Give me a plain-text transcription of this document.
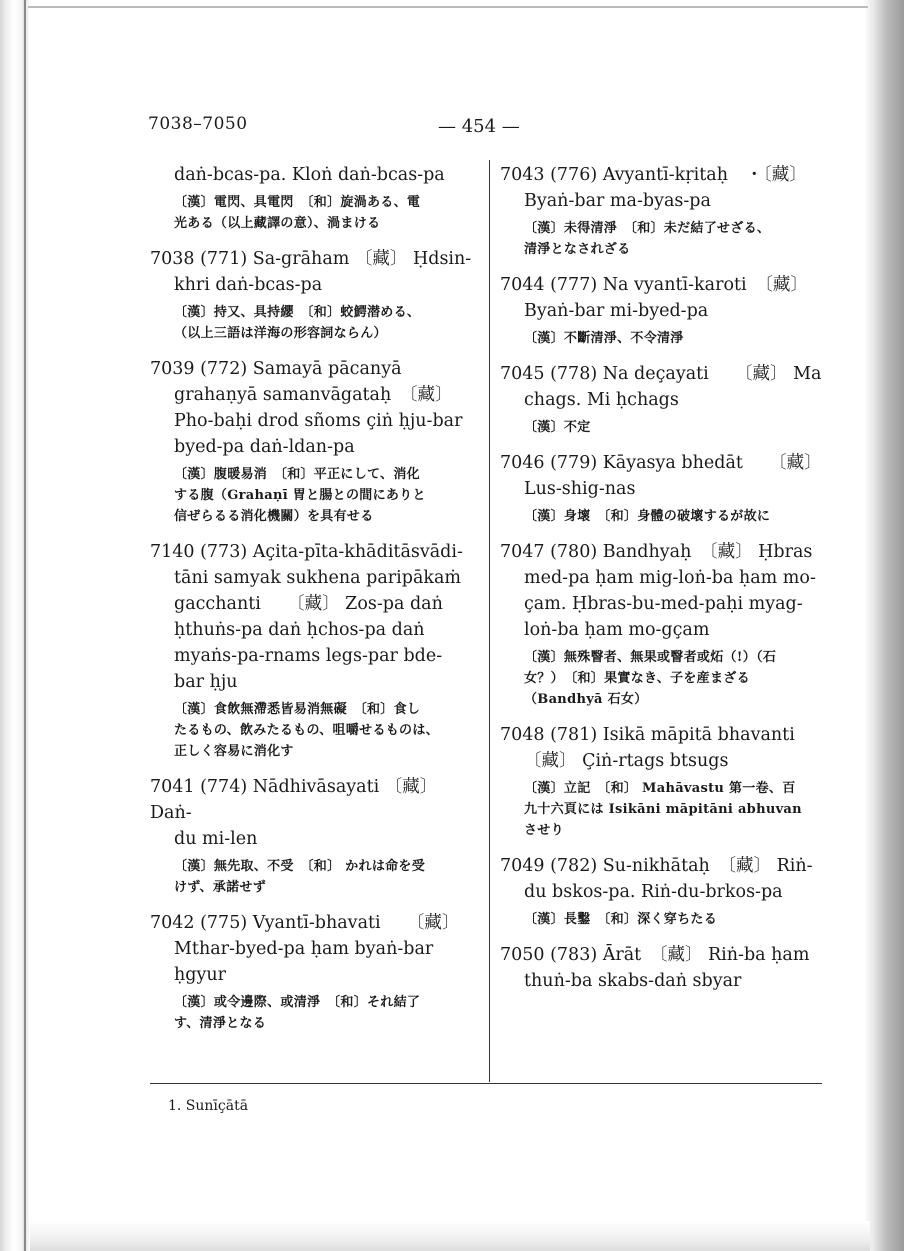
7038–7050	— 454 —

daṅ-bcas-pa. Kloṅ daṅ-bcas-pa

〔漢〕電閃、具電閃　〔和〕旋渦ある、電

光ある（以上藏譯の意）、渦まける

7038 (771) Sa-grāham 〔藏〕 Ḥdsin-
khri daṅ-bcas-pa

〔漢〕持又、具持纓　〔和〕蛟鰐潜める、

（以上三語は洋海の形容詞ならん）

7039 (772) Samayā pācanyā
grahaṇyā samanvāgataḥ　〔藏〕
Pho-baḥi drod sñoms çiṅ ḥju-bar
byed-pa daṅ-ldan-pa

〔漢〕腹暖易消　〔和〕平正にして、消化

する腹（Grahaṇī 胃と腸との間にありと

信ぜらるる消化機關）を具有せる

7140 (773) Açita-pīta-khāditāsvādi-
tāni samyak sukhena paripākaṁ
gacchanti　　〔藏〕 Zos-pa daṅ
ḥthuṅs-pa daṅ ḥchos-pa daṅ
myaṅs-pa-rnams legs-par bde-
bar ḥju

〔漢〕食飲無滯悉皆易消無礙　〔和〕食し

たるもの、飲みたるもの、咀嚼せるものは、

正しく容易に消化す

7041 (774) Nādhivāsayati 〔藏〕 Daṅ-
du mi-len

〔漢〕無先取、不受　〔和〕 かれは命を受

けず、承諾せず

7042 (775) Vyantī-bhavati　　〔藏〕
Mthar-byed-pa ḥam byaṅ-bar
ḥgyur

〔漢〕或令邊際、或清淨　〔和〕それ結了

す、清淨となる

7043 (776) Avyantī-kṛitaḥ　・〔藏〕
Byaṅ-bar ma-byas-pa

〔漢〕未得清淨　〔和〕未だ結了せざる、

清淨となされざる

7044 (777) Na vyantī-karoti　〔藏〕
Byaṅ-bar mi-byed-pa

〔漢〕不斷清淨、不令清淨

7045 (778) Na deçayati　　〔藏〕 Ma
chags. Mi ḥchags

〔漢〕不定

7046 (779) Kāyasya bhedāt　　〔藏〕
Lus-shig-nas

〔漢〕身壞　〔和〕身體の破壞するが故に

7047 (780) Bandhyaḥ　〔藏〕 Ḥbras
med-pa ḥam mig-loṅ-ba ḥam mo-
çam. Ḥbras-bu-med-paḥi myag-
loṅ-ba ḥam mo-gçam

〔漢〕無殊瞖者、無果或瞖者或炻（!）（石

女？）　〔和〕果實なき、子を産まざる

（Bandhyā 石女）

7048 (781) Isikā māpitā bhavanti
〔藏〕 Çiṅ-rtags btsugs

〔漢〕立記　〔和〕 Mahāvastu 第一卷、百

九十六頁には Isikāni māpitāni abhuvan

させり

7049 (782) Su-nikhātaḥ　〔藏〕 Riṅ-
du bskos-pa. Riṅ-du-brkos-pa

〔漢〕長鑿　〔和〕深く穿ちたる

7050 (783) Ārāt　〔藏〕 Riṅ-ba ḥam
thuṅ-ba skabs-daṅ sbyar

1. Sunīçātā
